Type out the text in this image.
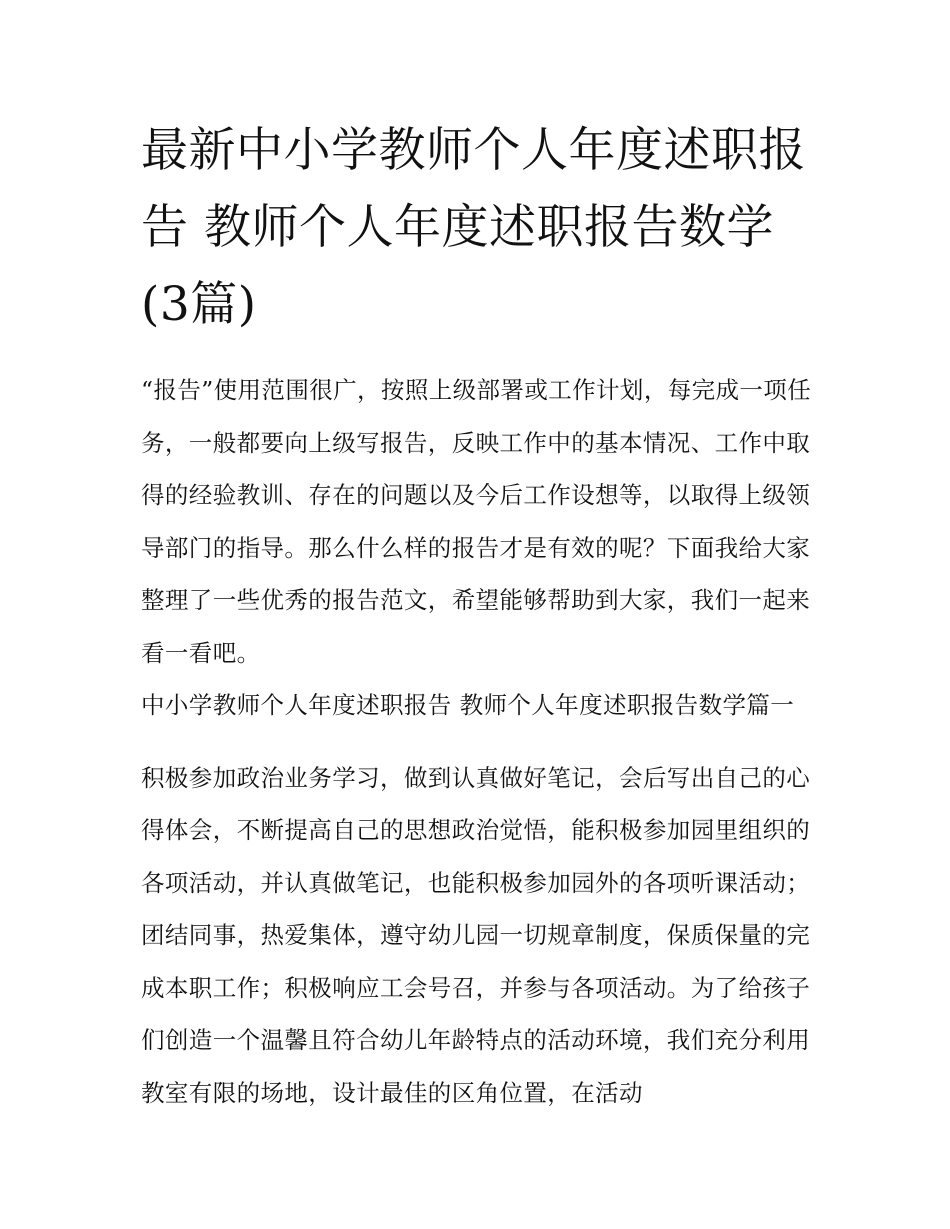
最新中小学教师个人年度述职报告 教师个人年度述职报告数学(3篇)

“报告”使用范围很广，按照上级部署或工作计划，每完成一项任务，一般都要向上级写报告，反映工作中的基本情况、工作中取得的经验教训、存在的问题以及今后工作设想等，以取得上级领导部门的指导。那么什么样的报告才是有效的呢？下面我给大家整理了一些优秀的报告范文，希望能够帮助到大家，我们一起来看一看吧。

中小学教师个人年度述职报告 教师个人年度述职报告数学篇一

积极参加政治业务学习，做到认真做好笔记，会后写出自己的心得体会，不断提高自己的思想政治觉悟，能积极参加园里组织的各项活动，并认真做笔记，也能积极参加园外的各项听课活动；团结同事，热爱集体，遵守幼儿园一切规章制度，保质保量的完成本职工作；积极响应工会号召，并参与各项活动。为了给孩子们创造一个温馨且符合幼儿年龄特点的活动环境，我们充分利用教室有限的场地，设计最佳的区角位置，在活动
